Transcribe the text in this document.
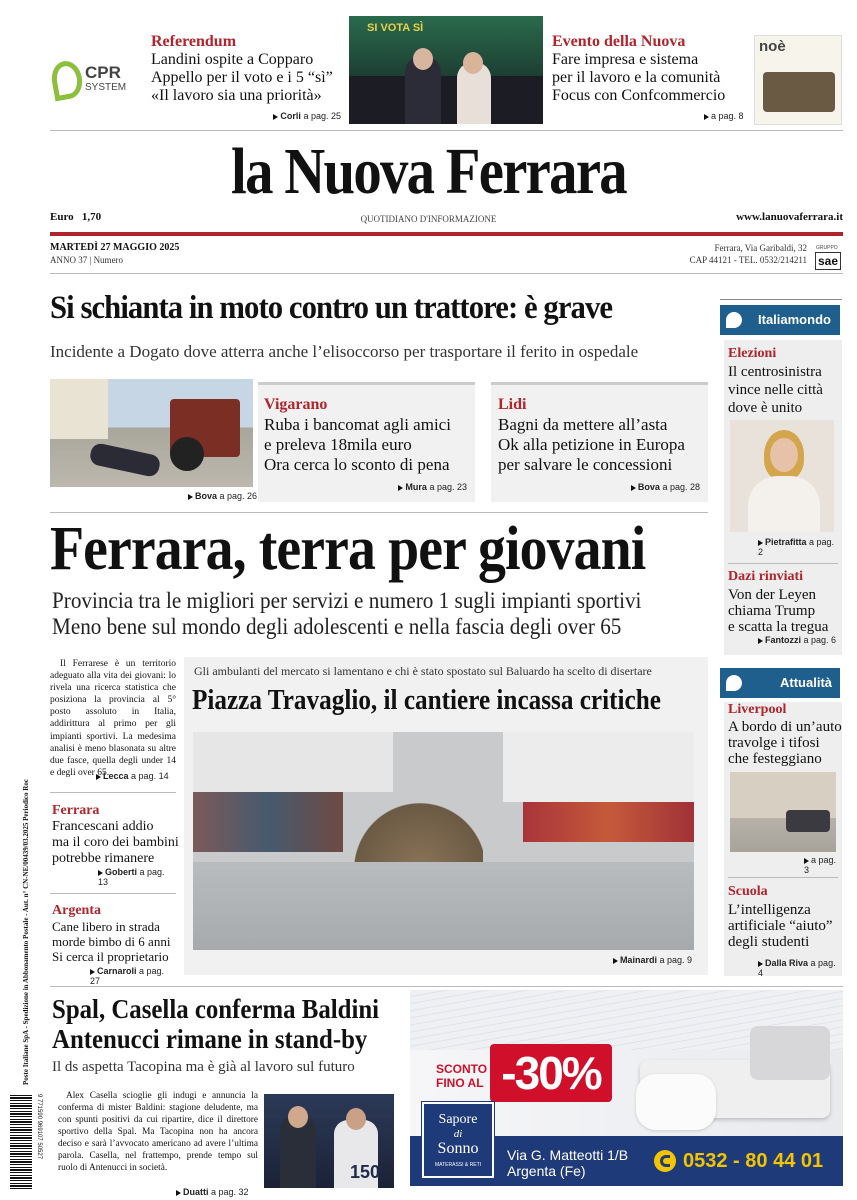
CPR
SYSTEM
Referendum
Landini ospite a Copparo
Appello per il voto e i 5 “sì”
«Il lavoro sia una priorità»
Corli a pag. 25
SI VOTA SÌ
Evento della Nuova
Fare impresa e sistema
per il lavoro e la comunità
Focus con Confcommercio
a pag. 8
noè
la Nuova Ferrara
Euro 1,70	QUOTIDIANO D'INFORMAZIONE	www.lanuovaferrara.it
MARTEDÌ 27 MAGGIO 2025
ANNO 37 | Numero
Ferrara, Via Garibaldi, 32
CAP 44121 - TEL. 0532/214211
GRUPPO
sae
Si schianta in moto contro un trattore: è grave
Incidente a Dogato dove atterra anche l’elisoccorso per trasportare il ferito in ospedale
Bova a pag. 26
Vigarano
Ruba i bancomat agli amici
e preleva 18mila euro
Ora cerca lo sconto di pena
Mura a pag. 23
Lidi
Bagni da mettere all’asta
Ok alla petizione in Europa
per salvare le concessioni
Bova a pag. 28
Ferrara, terra per giovani
Provincia tra le migliori per servizi e numero 1 sugli impianti sportivi
Meno bene sul mondo degli adolescenti e nella fascia degli over 65
Poste Italiane SpA - Spedizione in Abbonamento Postale - Aut. n° CN-NE/00439/03.2025 Periodico Roc
Il Ferrarese è un territorio adeguato alla vita dei giovani: lo rivela una ricerca statistica che posiziona la provincia al 5° posto assoluto in Italia, addirittura al primo per gli impianti sportivi. La medesima analisi è meno blasonata su altre due fasce, quella degli under 14 e degli over 65.
Lecca a pag. 14
Ferrara
Francescani addio
ma il coro dei bambini
potrebbe rimanere
Goberti a pag. 13
Argenta
Cane libero in strada
morde bimbo di 6 anni
Si cerca il proprietario
Carnaroli a pag. 27
Gli ambulanti del mercato si lamentano e chi è stato spostato sul Baluardo ha scelto di disertare
Piazza Travaglio, il cantiere incassa critiche
Mainardi a pag. 9
Italiamondo
Elezioni
Il centrosinistra
vince nelle città
dove è unito
Pietrafitta a pag. 2
Dazi rinviati
Von der Leyen
chiama Trump
e scatta la tregua
Fantozzi a pag. 6
Attualità
Liverpool
A bordo di un’auto
travolge i tifosi
che festeggiano
a pag. 3
Scuola
L’intelligenza
artificiale “aiuto”
degli studenti
Dalla Riva a pag. 4
Spal, Casella conferma Baldini
Antenucci rimane in stand-by
Il ds aspetta Tacopina ma è già al lavoro sul futuro
Alex Casella scioglie gli indugi e annuncia la conferma di mister Baldini: stagione deludente, ma con spunti positivi da cui ripartire, dice il direttore sportivo della Spal. Ma Tacopina non ha ancora deciso e sarà l’avvocato americano ad avere l’ultima parola. Casella, nel frattempo, prende tempo sul ruolo di Antenucci in società.	150
Duatti a pag. 32
9 771590 969107 50527
SCONTO
FINO AL -30%
Sapore
di
Sonno
MATERASSI & RETI
Via G. Matteotti 1/B
Argenta (Fe)	0532 - 80 44 01
